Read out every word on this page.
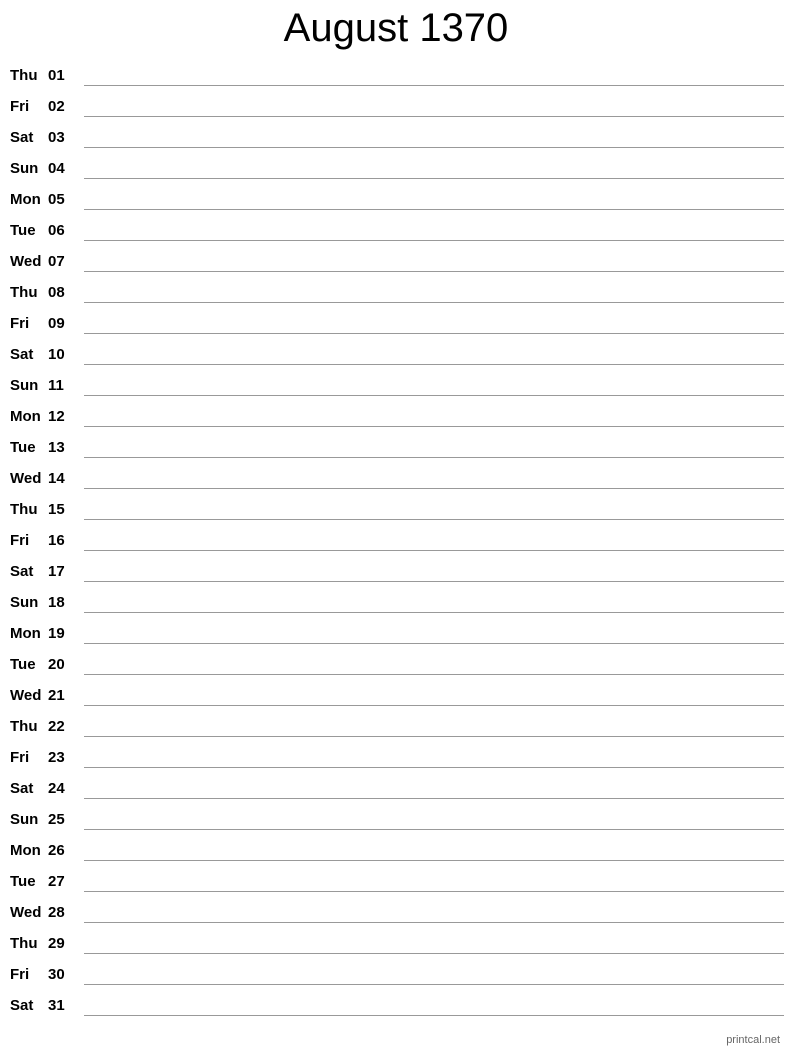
August 1370
Thu 01
Fri 02
Sat 03
Sun 04
Mon 05
Tue 06
Wed 07
Thu 08
Fri 09
Sat 10
Sun 11
Mon 12
Tue 13
Wed 14
Thu 15
Fri 16
Sat 17
Sun 18
Mon 19
Tue 20
Wed 21
Thu 22
Fri 23
Sat 24
Sun 25
Mon 26
Tue 27
Wed 28
Thu 29
Fri 30
Sat 31
printcal.net
